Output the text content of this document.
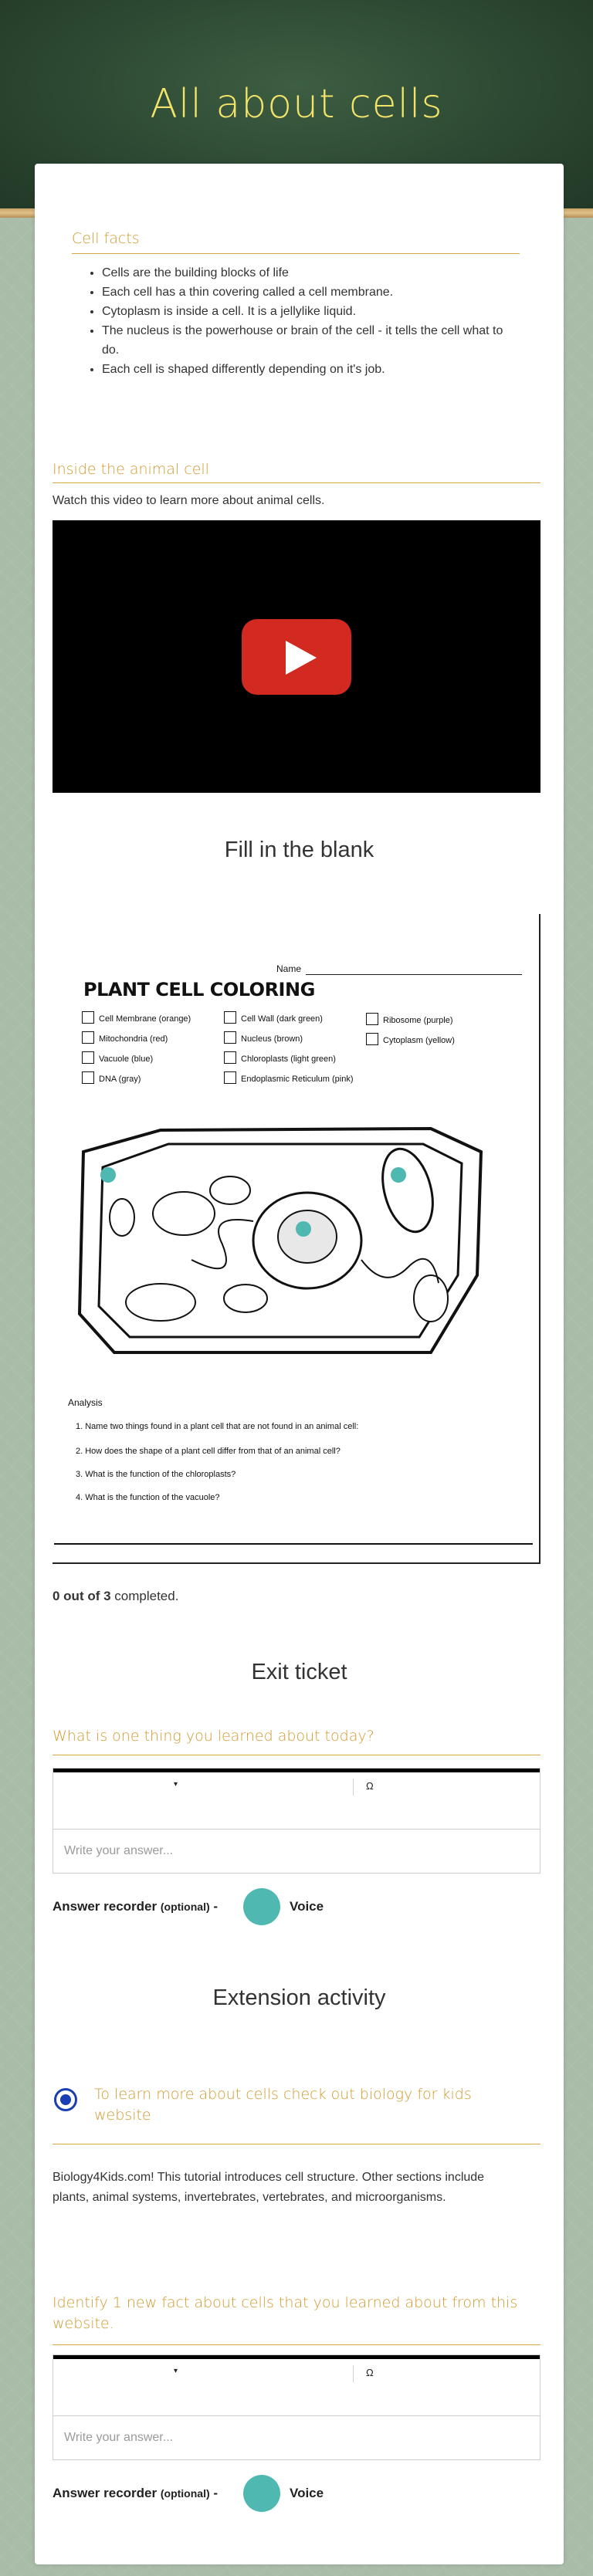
All about cells
Cell facts
• Cells are the building blocks of life
• Each cell has a thin covering called a cell membrane.
• Cytoplasm is inside a cell. It is a jellylike liquid.
• The nucleus is the powerhouse or brain of the cell - it tells the cell what to do.
• Each cell is shaped differently depending on it's job.
Inside the animal cell
Watch this video to learn more about animal cells.
Fill in the blank
Name
PLANT CELL COLORING
Cell Membrane (orange)
Mitochondria (red)
Vacuole (blue)
DNA (gray)
Cell Wall (dark green)
Nucleus (brown)
Chloroplasts (light green)
Endoplasmic Reticulum (pink)
Ribosome (purple)
Cytoplasm (yellow)
Analysis
1. Name two things found in a plant cell that are not found in an animal cell:
2. How does the shape of a plant cell differ from that of an animal cell?
3. What is the function of the chloroplasts?
4. What is the function of the vacuole?
0 out of 3 completed.
Exit ticket
What is one thing you learned about today?
▾	Ω
Write your answer...
Answer recorder (optional) -	Voice
Extension activity
To learn more about cells check out biology for kids website
Biology4Kids.com! This tutorial introduces cell structure. Other sections include plants, animal systems, invertebrates, vertebrates, and microorganisms.
Identify 1 new fact about cells that you learned about from this website.
▾	Ω
Write your answer...
Answer recorder (optional) -	Voice
